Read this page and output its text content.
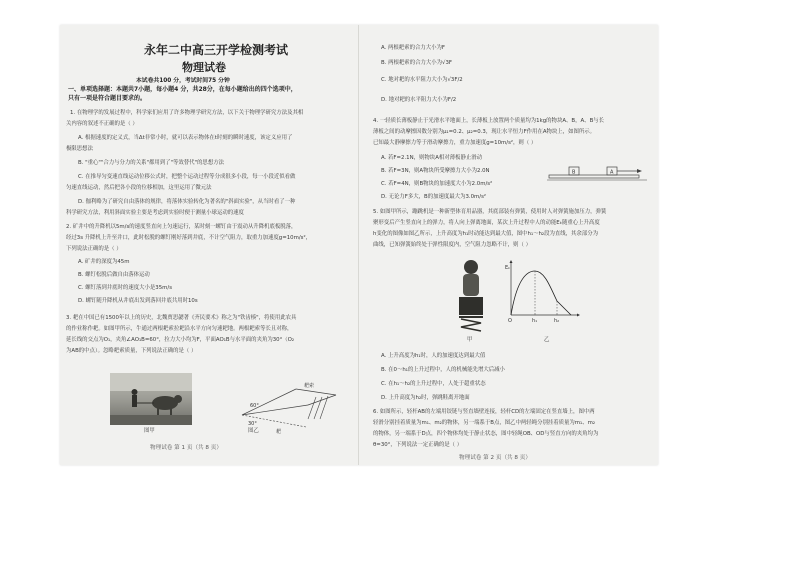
永年二中高三开学检测考试
物理试卷
本试卷共100 分，考试时间75 分钟
一、单项选择题：本题共7小题，每小题4 分，共28分，在每小题给出的四个选项中，
只有一项是符合题目要求的。
1. 在物理学的发展过程中，科学家们应用了许多物理学研究方法，以下关于物理学研究方法及其相
关内容的叙述不正确的是（ ）
A. 根据速度的定义式，当Δt非常小时，就可以表示物体在t时刻的瞬时速度，该定义应用了
极限思想法
B. "重心""合力与分力的关系"都用到了"等效替代"的思想方法
C. 在推导匀变速直线运动位移公式时，把整个运动过程等分成很多小段，每一小段近似看做
匀速直线运动，然后把各小段的位移相加，这里运用了微元法
D. 伽利略为了研究自由落体的规律，将落体实验转化为著名的"斜面实验"，从当时看了一种
科学研究方法，利用斜面实验主要是考虑到实验时便于测量小球运动的速度
2. 矿井中的升降机以5m/s的速度竖直向上匀速运行，某时刻一螺钉由于震动从升降机底板脱落，
经过3s 升降机上升至井口，此时松脱的螺钉刚好落到井底，不计空气阻力，取重力加速度g=10m/s²，
下列说法正确的是（ ）
A. 矿井的深度为45m
B. 螺钉松脱后做自由落体运动
C. 螺钉落到井底时的速度大小是35m/s
D. 螺钉随升降机从井底出发到落回井底共用时10s
3. 耙在中国已有1500年以上的历史，北魏贾思勰著《齐民要术》称之为"铁齿楱"，将使用此农具
的作业称作耙。如图甲所示，牛通过两根耙索拉耙沿水平方向匀速耙地。两根耙索等长且对称，
延长线的交点为O₁，夹角∠AO₁B=60°，拉力大小均为F，平面AO₁B与水平面的夹角为30°（O₂
为AB的中点）。忽略耙索质量，下列说法正确的是（ ）
图甲
60°
30°
耙索
耙
图乙
物理试卷 第 1 页（共 8 页）
A. 两根耙索的合力大小为F
B. 两根耙索的合力大小为√3F
C. 地对耙的水平阻力大小为√3F/2
D. 地对耙的水平阻力大小为F/2
4. 一轻质长薄板静止于光滑水平地面上，长薄板上放置两个质量均为1kg的物块A、B，A、B与长
薄板之间的动摩擦因数分别为μ₁=0.2、μ₂=0.3，现让水平恒力F作用在A物块上，如图所示。
已知最大静摩擦力等于滑动摩擦力，重力加速度g=10m/s²，则（ ）
A. 若F=2.1N，则物块A相对薄板静止滑动
B. 若F=3N，则A物块所受摩擦力大小为2.0N
C. 若F=4N，则B物块的加速度大小为2.0m/s²
D. 无论力F多大，B的加速度最大为3.0m/s²
B	A
5. 如图甲所示，蹦跳机是一种新型体育用品器，其底部装有弹簧，使用时人对弹簧施加压力，弹簧
聚形变后产生竖直向上的弹力，将人向上弹离地面，某次上升过程中人的动能Eₖ随重心上升高度
h变化的图像如图乙所示，上升高度为h₁时动能达到最大值，图中h₁～h₂段为直线，其余部分为
曲线，已知弹簧始终处于弹性限度内，空气阻力忽略不计，则（ ）
甲
Eₖ
O	h₁	h₂
乙
A. 上升高度为h₁时，人的加速度达到最大值
B. 在0～h₁的上升过程中，人的机械能先增大后减小
C. 在h₁～h₂的上升过程中，人处于超重状态
D. 上升高度为h₂时，弹跳鞋离开地面
6. 如图所示，轻杆AB的左端用铰链与竖直墙壁连接，轻杆CD的左端固定在竖直墙上，图中两
轻滑分别挂着质量为m₁、m₂的物体，另一端系于B点，图乙中两轻绳分别挂着质量为m₁、m₂
的物体，另一端系于D点，四个物体均处于静止状态，图中轻绳OB、OD与竖直方向的夹角均为
θ=30°，下列说法一定正确的是（ ）
物理试卷 第 2 页（共 8 页）
